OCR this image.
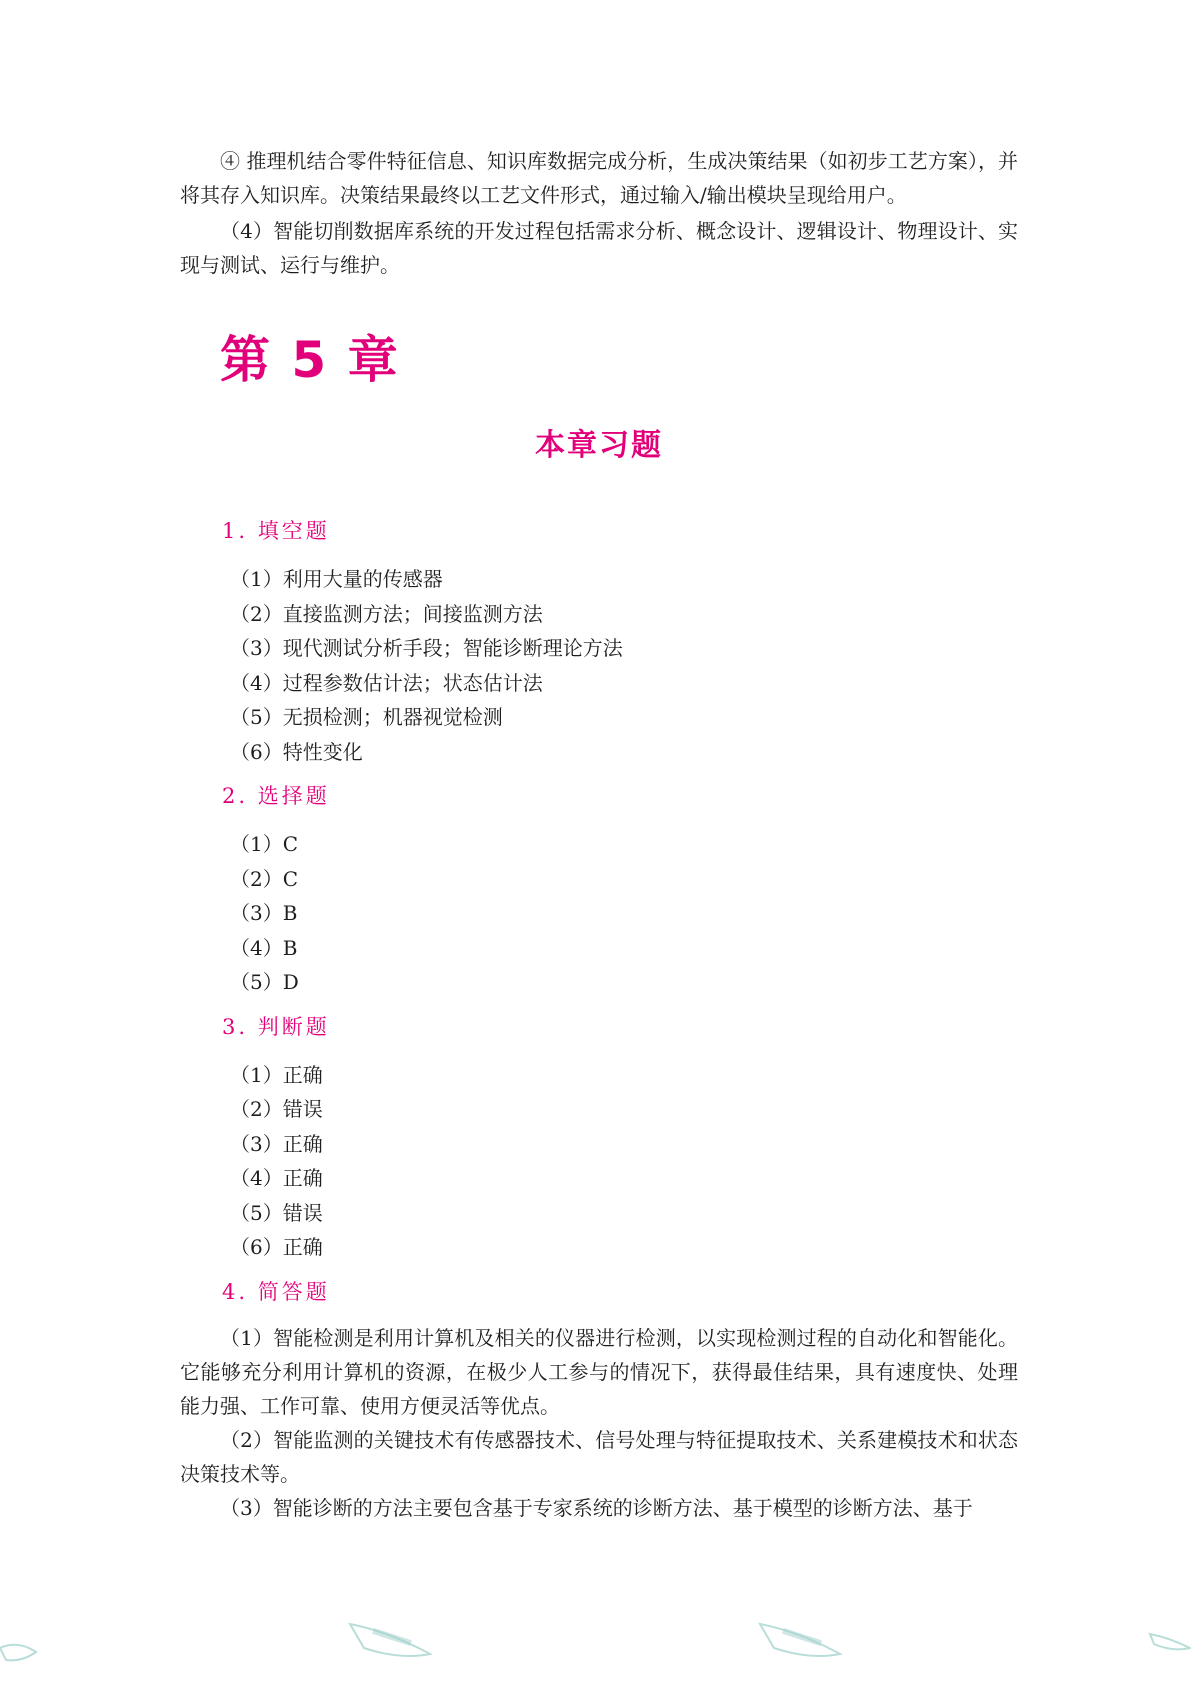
④ 推理机结合零件特征信息、知识库数据完成分析，生成决策结果（如初步工艺方案），并将其存入知识库。决策结果最终以工艺文件形式，通过输入/输出模块呈现给用户。

（4）智能切削数据库系统的开发过程包括需求分析、概念设计、逻辑设计、物理设计、实现与测试、运行与维护。

第 5 章
本章习题

1. 填空题

（1）利用大量的传感器
（2）直接监测方法；间接监测方法
（3）现代测试分析手段；智能诊断理论方法
（4）过程参数估计法；状态估计法
（5）无损检测；机器视觉检测
（6）特性变化

2. 选择题

（1）C
（2）C
（3）B
（4）B
（5）D

3. 判断题

（1）正确
（2）错误
（3）正确
（4）正确
（5）错误
（6）正确

4. 简答题

（1）智能检测是利用计算机及相关的仪器进行检测，以实现检测过程的自动化和智能化。它能够充分利用计算机的资源，在极少人工参与的情况下，获得最佳结果，具有速度快、处理能力强、工作可靠、使用方便灵活等优点。

（2）智能监测的关键技术有传感器技术、信号处理与特征提取技术、关系建模技术和状态决策技术等。

（3）智能诊断的方法主要包含基于专家系统的诊断方法、基于模型的诊断方法、基于
